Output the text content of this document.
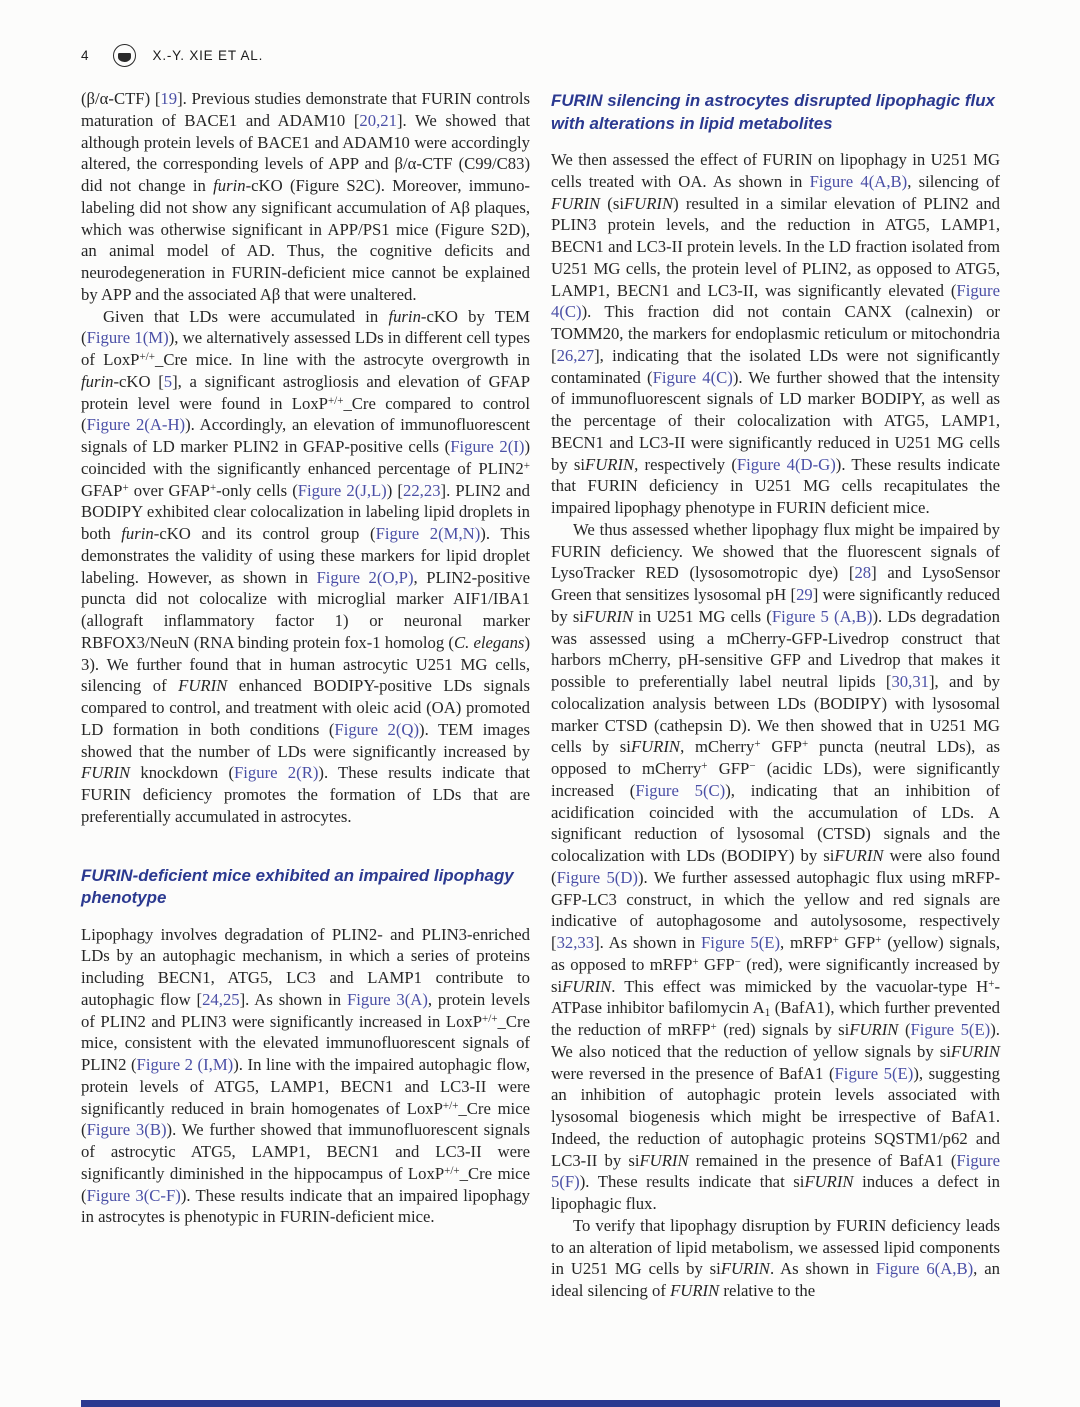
4	X.-Y. XIE ET AL.

(β/α-CTF) [19]. Previous studies demonstrate that FURIN controls maturation of BACE1 and ADAM10 [20,21]. We showed that although protein levels of BACE1 and ADAM10 were accordingly altered, the corresponding levels of APP and β/α-CTF (C99/C83) did not change in furin-cKO (Figure S2C). Moreover, immuno-labeling did not show any significant accumulation of Aβ plaques, which was otherwise significant in APP/PS1 mice (Figure S2D), an animal model of AD. Thus, the cognitive deficits and neurodegeneration in FURIN-deficient mice cannot be explained by APP and the associated Aβ that were unaltered.

Given that LDs were accumulated in furin-cKO by TEM (Figure 1(M)), we alternatively assessed LDs in different cell types of LoxP+/+_Cre mice. In line with the astrocyte overgrowth in furin-cKO [5], a significant astrogliosis and elevation of GFAP protein level were found in LoxP+/+_Cre compared to control (Figure 2(A-H)). Accordingly, an elevation of immunofluorescent signals of LD marker PLIN2 in GFAP-positive cells (Figure 2(I)) coincided with the significantly enhanced percentage of PLIN2+ GFAP+ over GFAP+-only cells (Figure 2(J,L)) [22,23]. PLIN2 and BODIPY exhibited clear colocalization in labeling lipid droplets in both furin-cKO and its control group (Figure 2(M,N)). This demonstrates the validity of using these markers for lipid droplet labeling. However, as shown in Figure 2(O,P), PLIN2-positive puncta did not colocalize with microglial marker AIF1/IBA1 (allograft inflammatory factor 1) or neuronal marker RBFOX3/NeuN (RNA binding protein fox-1 homolog (C. elegans) 3). We further found that in human astrocytic U251 MG cells, silencing of FURIN enhanced BODIPY-positive LDs signals compared to control, and treatment with oleic acid (OA) promoted LD formation in both conditions (Figure 2(Q)). TEM images showed that the number of LDs were significantly increased by FURIN knockdown (Figure 2(R)). These results indicate that FURIN deficiency promotes the formation of LDs that are preferentially accumulated in astrocytes.

FURIN-deficient mice exhibited an impaired lipophagy phenotype

Lipophagy involves degradation of PLIN2- and PLIN3-enriched LDs by an autophagic mechanism, in which a series of proteins including BECN1, ATG5, LC3 and LAMP1 contribute to autophagic flow [24,25]. As shown in Figure 3(A), protein levels of PLIN2 and PLIN3 were significantly increased in LoxP+/+_Cre mice, consistent with the elevated immunofluorescent signals of PLIN2 (Figure 2 (I,M)). In line with the impaired autophagic flow, protein levels of ATG5, LAMP1, BECN1 and LC3-II were significantly reduced in brain homogenates of LoxP+/+_Cre mice (Figure 3(B)). We further showed that immunofluorescent signals of astrocytic ATG5, LAMP1, BECN1 and LC3-II were significantly diminished in the hippocampus of LoxP+/+_Cre mice (Figure 3(C-F)). These results indicate that an impaired lipophagy in astrocytes is phenotypic in FURIN-deficient mice.

FURIN silencing in astrocytes disrupted lipophagic flux with alterations in lipid metabolites

We then assessed the effect of FURIN on lipophagy in U251 MG cells treated with OA. As shown in Figure 4(A,B), silencing of FURIN (siFURIN) resulted in a similar elevation of PLIN2 and PLIN3 protein levels, and the reduction in ATG5, LAMP1, BECN1 and LC3-II protein levels. In the LD fraction isolated from U251 MG cells, the protein level of PLIN2, as opposed to ATG5, LAMP1, BECN1 and LC3-II, was significantly elevated (Figure 4(C)). This fraction did not contain CANX (calnexin) or TOMM20, the markers for endoplasmic reticulum or mitochondria [26,27], indicating that the isolated LDs were not significantly contaminated (Figure 4(C)). We further showed that the intensity of immunofluorescent signals of LD marker BODIPY, as well as the percentage of their colocalization with ATG5, LAMP1, BECN1 and LC3-II were significantly reduced in U251 MG cells by siFURIN, respectively (Figure 4(D-G)). These results indicate that FURIN deficiency in U251 MG cells recapitulates the impaired lipophagy phenotype in FURIN deficient mice.

We thus assessed whether lipophagy flux might be impaired by FURIN deficiency. We showed that the fluorescent signals of LysoTracker RED (lysosomotropic dye) [28] and LysoSensor Green that sensitizes lysosomal pH [29] were significantly reduced by siFURIN in U251 MG cells (Figure 5 (A,B)). LDs degradation was assessed using a mCherry-GFP-Livedrop construct that harbors mCherry, pH-sensitive GFP and Livedrop that makes it possible to preferentially label neutral lipids [30,31], and by colocalization analysis between LDs (BODIPY) with lysosomal marker CTSD (cathepsin D). We then showed that in U251 MG cells by siFURIN, mCherry+ GFP+ puncta (neutral LDs), as opposed to mCherry+ GFP− (acidic LDs), were significantly increased (Figure 5(C)), indicating that an inhibition of acidification coincided with the accumulation of LDs. A significant reduction of lysosomal (CTSD) signals and the colocalization with LDs (BODIPY) by siFURIN were also found (Figure 5(D)). We further assessed autophagic flux using mRFP-GFP-LC3 construct, in which the yellow and red signals are indicative of autophagosome and autolysosome, respectively [32,33]. As shown in Figure 5(E), mRFP+ GFP+ (yellow) signals, as opposed to mRFP+ GFP− (red), were significantly increased by siFURIN. This effect was mimicked by the vacuolar-type H+-ATPase inhibitor bafilomycin $A_1$ (BafA1), which further prevented the reduction of mRFP+ (red) signals by siFURIN (Figure 5(E)). We also noticed that the reduction of yellow signals by siFURIN were reversed in the presence of BafA1 (Figure 5(E)), suggesting an inhibition of autophagic protein levels associated with lysosomal biogenesis which might be irrespective of BafA1. Indeed, the reduction of autophagic proteins SQSTM1/p62 and LC3-II by siFURIN remained in the presence of BafA1 (Figure 5(F)). These results indicate that siFURIN induces a defect in lipophagic flux.

To verify that lipophagy disruption by FURIN deficiency leads to an alteration of lipid metabolism, we assessed lipid components in U251 MG cells by siFURIN. As shown in Figure 6(A,B), an ideal silencing of FURIN relative to the
